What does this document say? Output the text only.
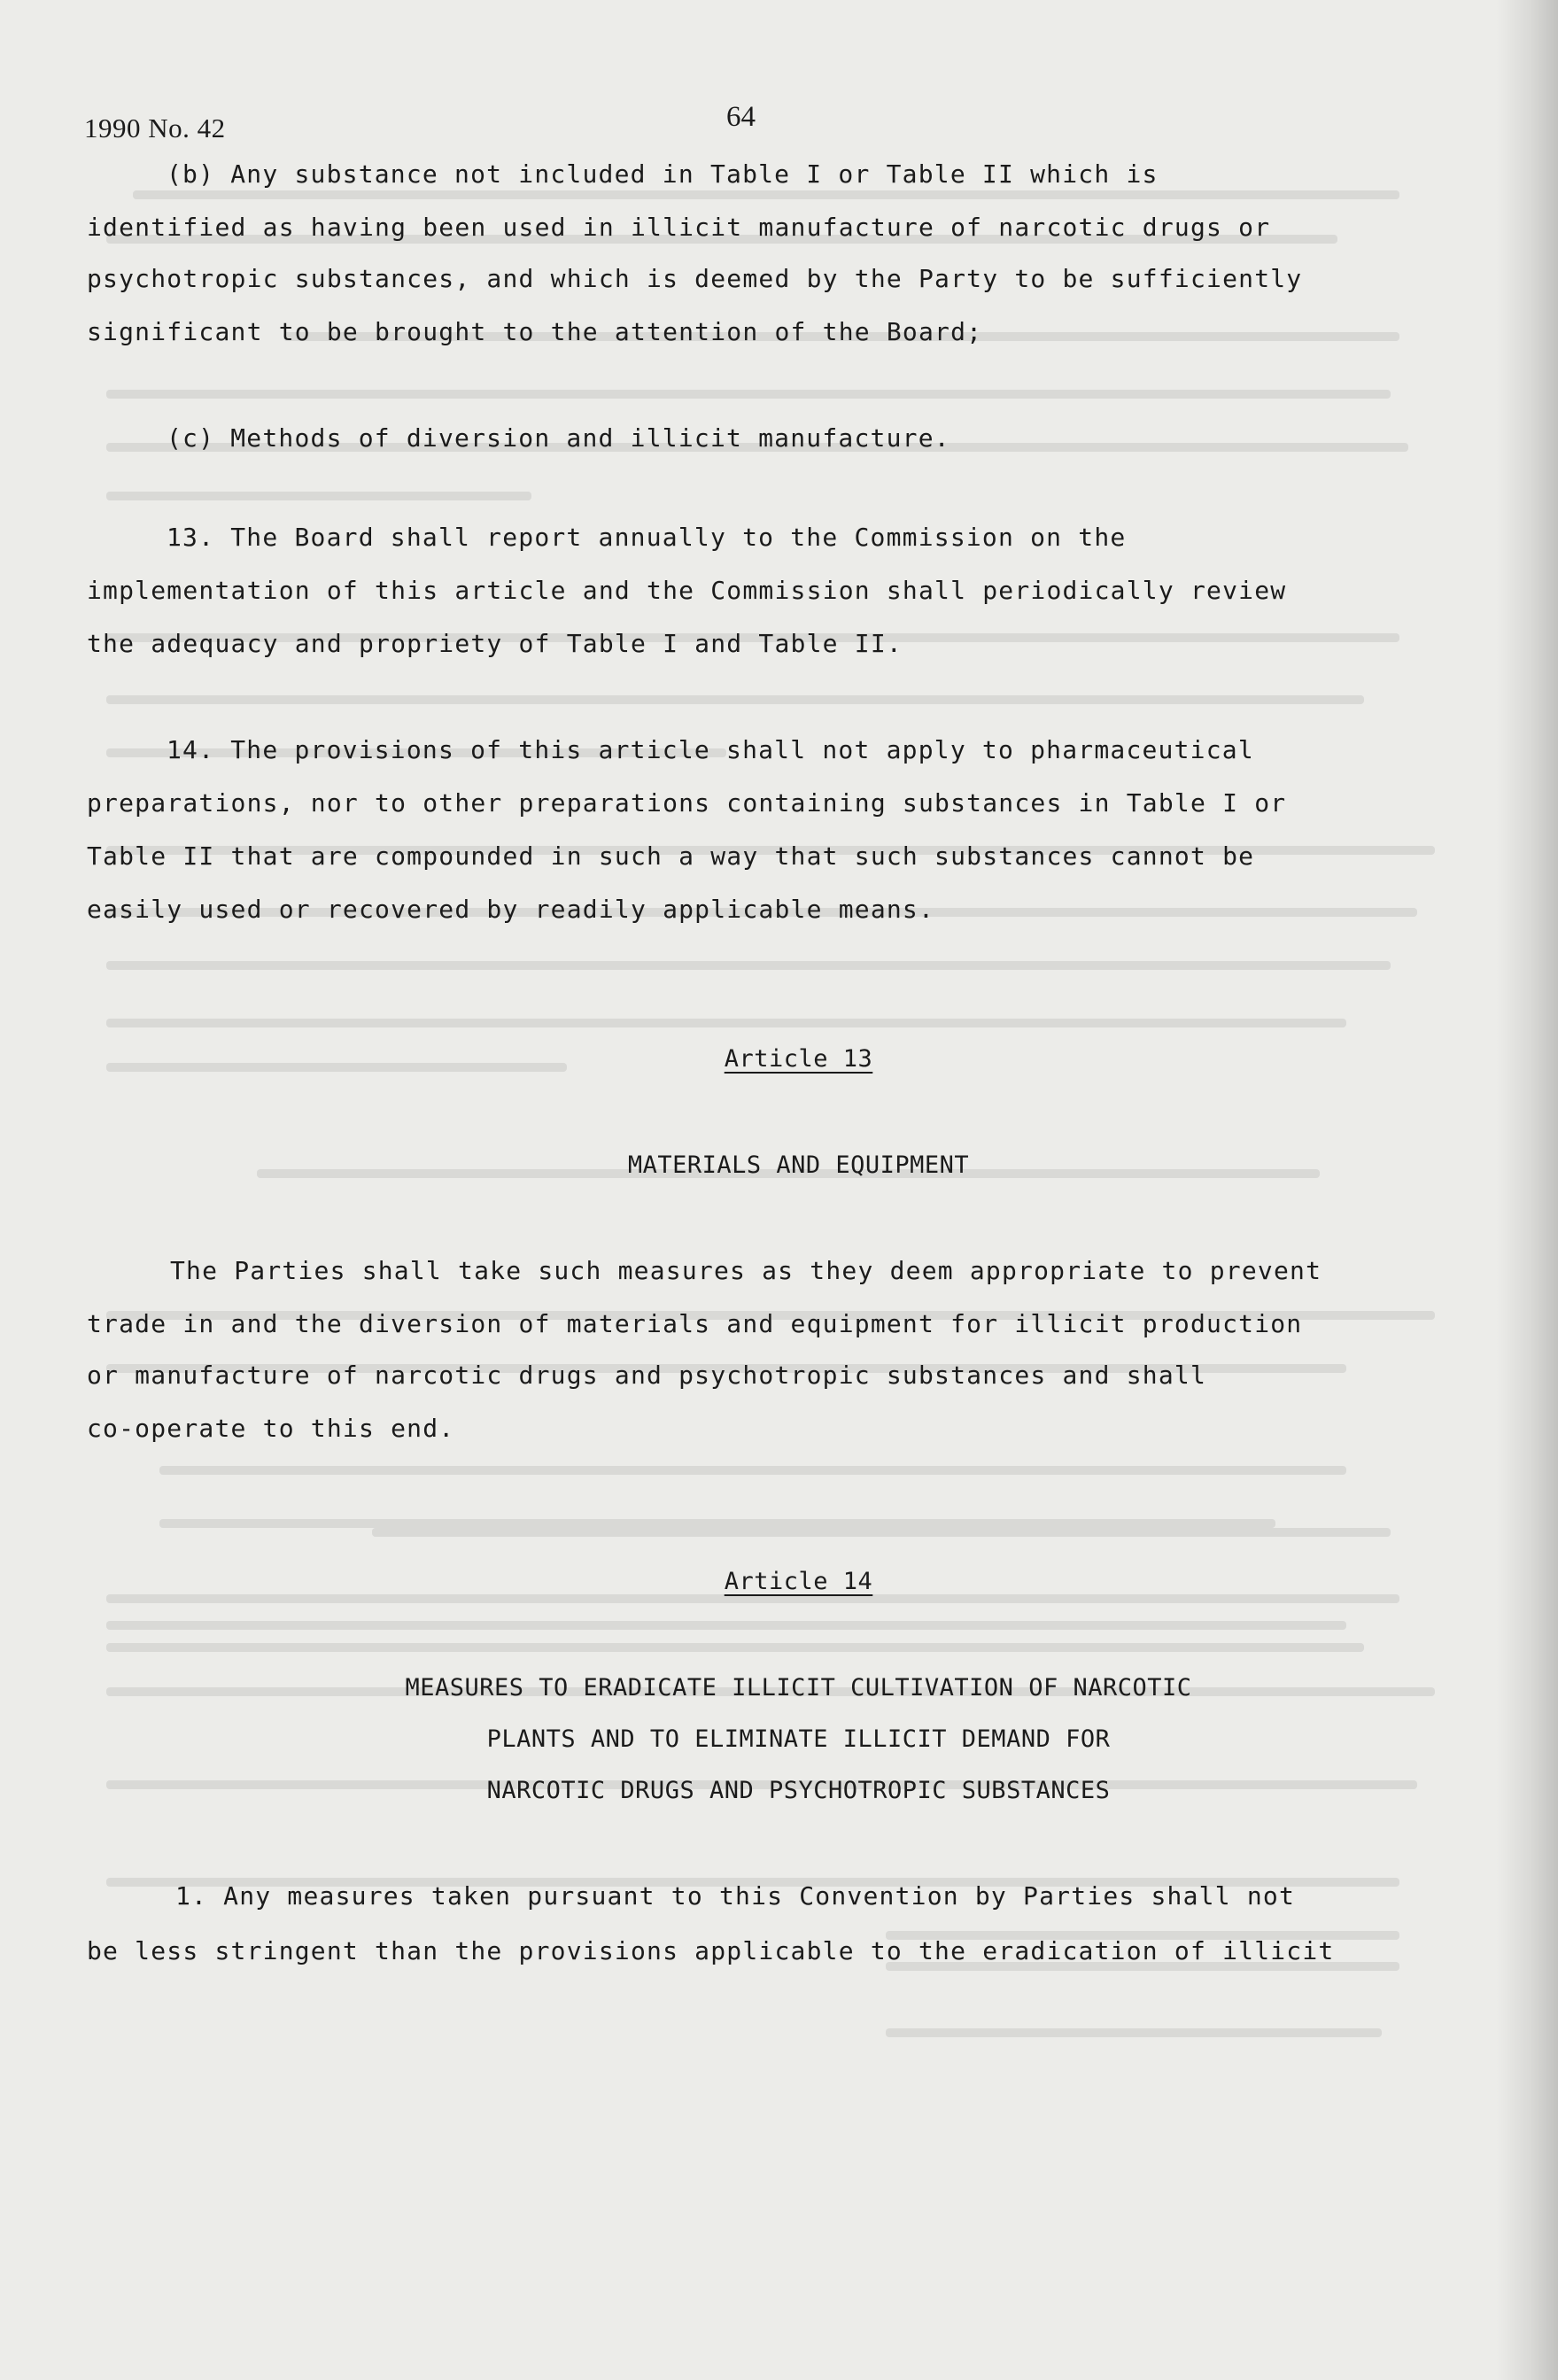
1990 No. 42	64
(b) Any substance not included in Table I or Table II which is
identified as having been used in illicit manufacture of narcotic drugs or
psychotropic substances, and which is deemed by the Party to be sufficiently
significant to be brought to the attention of the Board;
(c) Methods of diversion and illicit manufacture.
13. The Board shall report annually to the Commission on the
implementation of this article and the Commission shall periodically review
the adequacy and propriety of Table I and Table II.
14. The provisions of this article shall not apply to pharmaceutical
preparations, nor to other preparations containing substances in Table I or
Table II that are compounded in such a way that such substances cannot be
easily used or recovered by readily applicable means.
Article 13
MATERIALS AND EQUIPMENT
The Parties shall take such measures as they deem appropriate to prevent
trade in and the diversion of materials and equipment for illicit production
or manufacture of narcotic drugs and psychotropic substances and shall
co-operate to this end.
Article 14
MEASURES TO ERADICATE ILLICIT CULTIVATION OF NARCOTIC
PLANTS AND TO ELIMINATE ILLICIT DEMAND FOR
NARCOTIC DRUGS AND PSYCHOTROPIC SUBSTANCES
1. Any measures taken pursuant to this Convention by Parties shall not
be less stringent than the provisions applicable to the eradication of illicit
